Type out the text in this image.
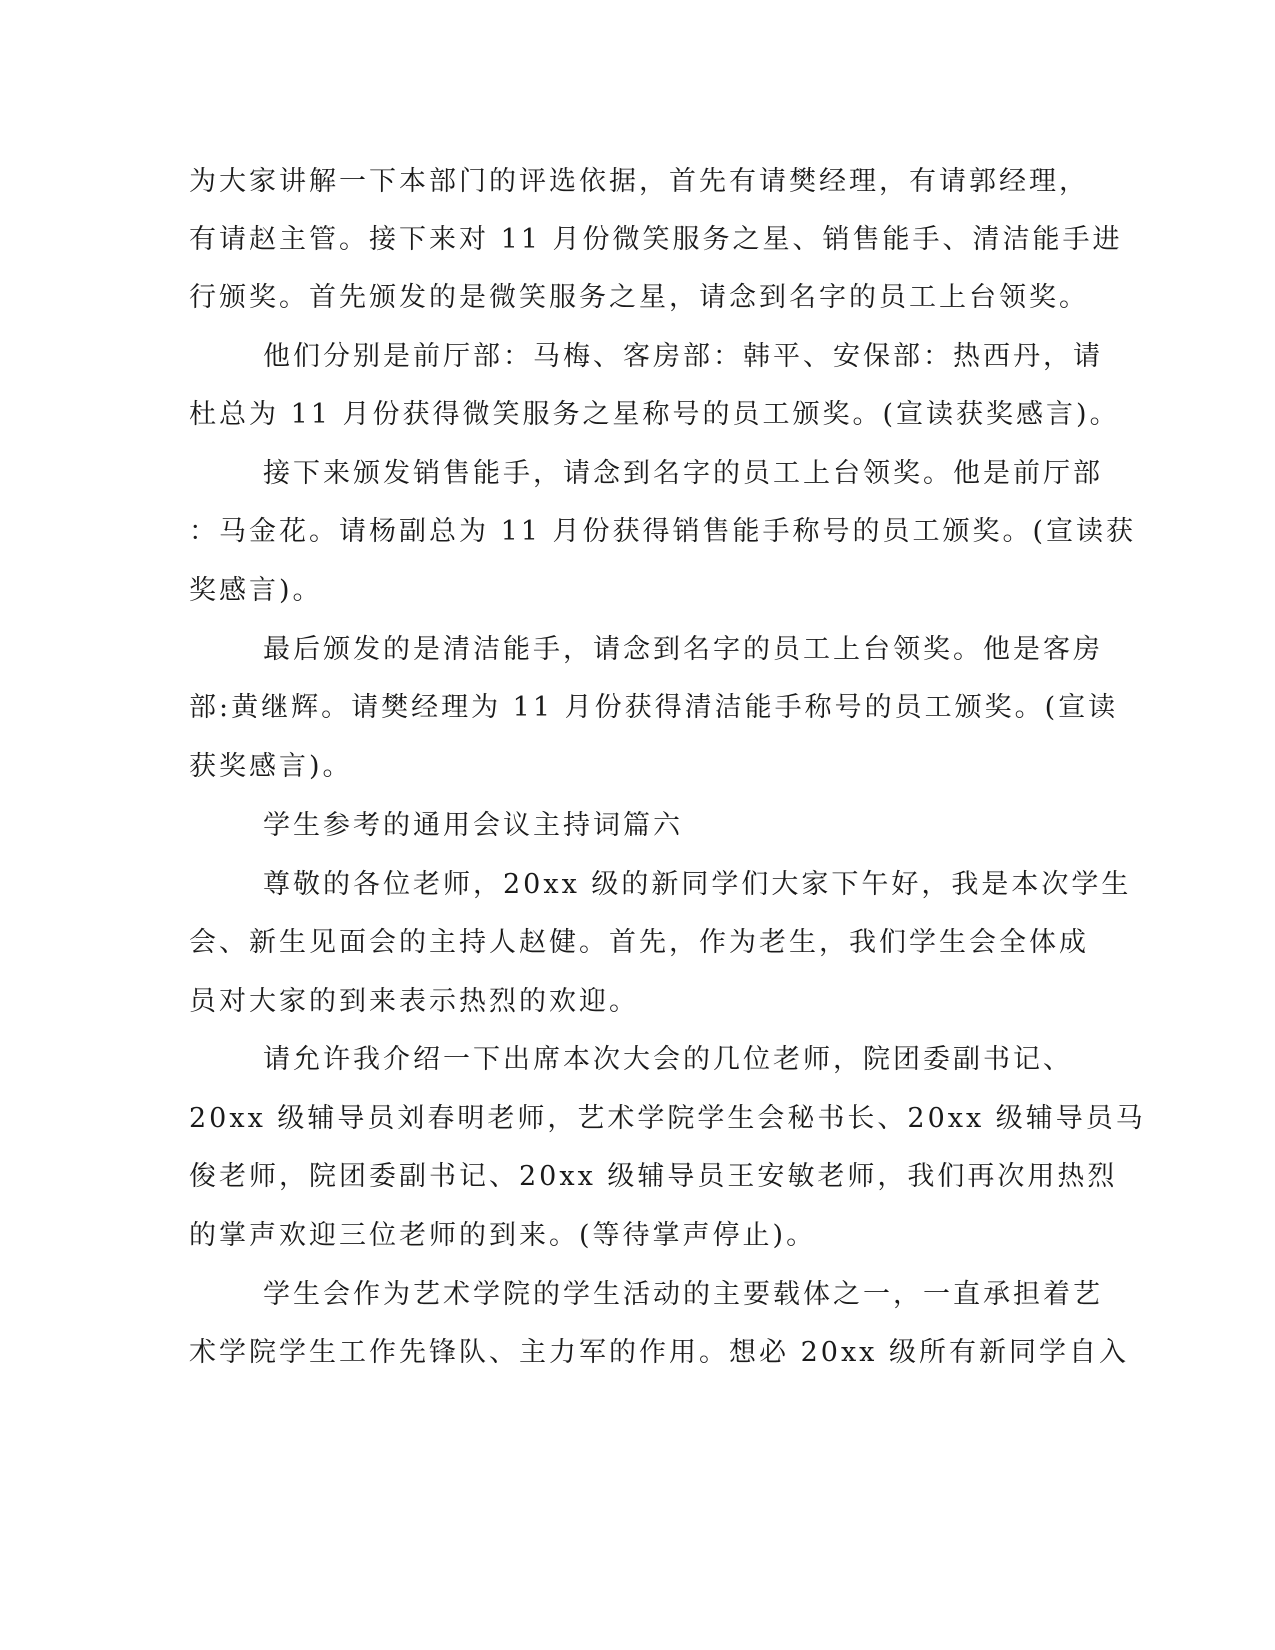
为大家讲解一下本部门的评选依据，首先有请樊经理，有请郭经理，
有请赵主管。接下来对 11 月份微笑服务之星、销售能手、清洁能手进
行颁奖。首先颁发的是微笑服务之星，请念到名字的员工上台领奖。
他们分别是前厅部：马梅、客房部：韩平、安保部：热西丹，请
杜总为 11 月份获得微笑服务之星称号的员工颁奖。(宣读获奖感言)。
接下来颁发销售能手，请念到名字的员工上台领奖。他是前厅部
：马金花。请杨副总为 11 月份获得销售能手称号的员工颁奖。(宣读获
奖感言)。
最后颁发的是清洁能手，请念到名字的员工上台领奖。他是客房
部:黄继辉。请樊经理为 11 月份获得清洁能手称号的员工颁奖。(宣读
获奖感言)。
学生参考的通用会议主持词篇六
尊敬的各位老师，20xx 级的新同学们大家下午好，我是本次学生
会、新生见面会的主持人赵健。首先，作为老生，我们学生会全体成
员对大家的到来表示热烈的欢迎。
请允许我介绍一下出席本次大会的几位老师，院团委副书记、
20xx 级辅导员刘春明老师，艺术学院学生会秘书长、20xx 级辅导员马
俊老师，院团委副书记、20xx 级辅导员王安敏老师，我们再次用热烈
的掌声欢迎三位老师的到来。(等待掌声停止)。
学生会作为艺术学院的学生活动的主要载体之一，一直承担着艺
术学院学生工作先锋队、主力军的作用。想必 20xx 级所有新同学自入
